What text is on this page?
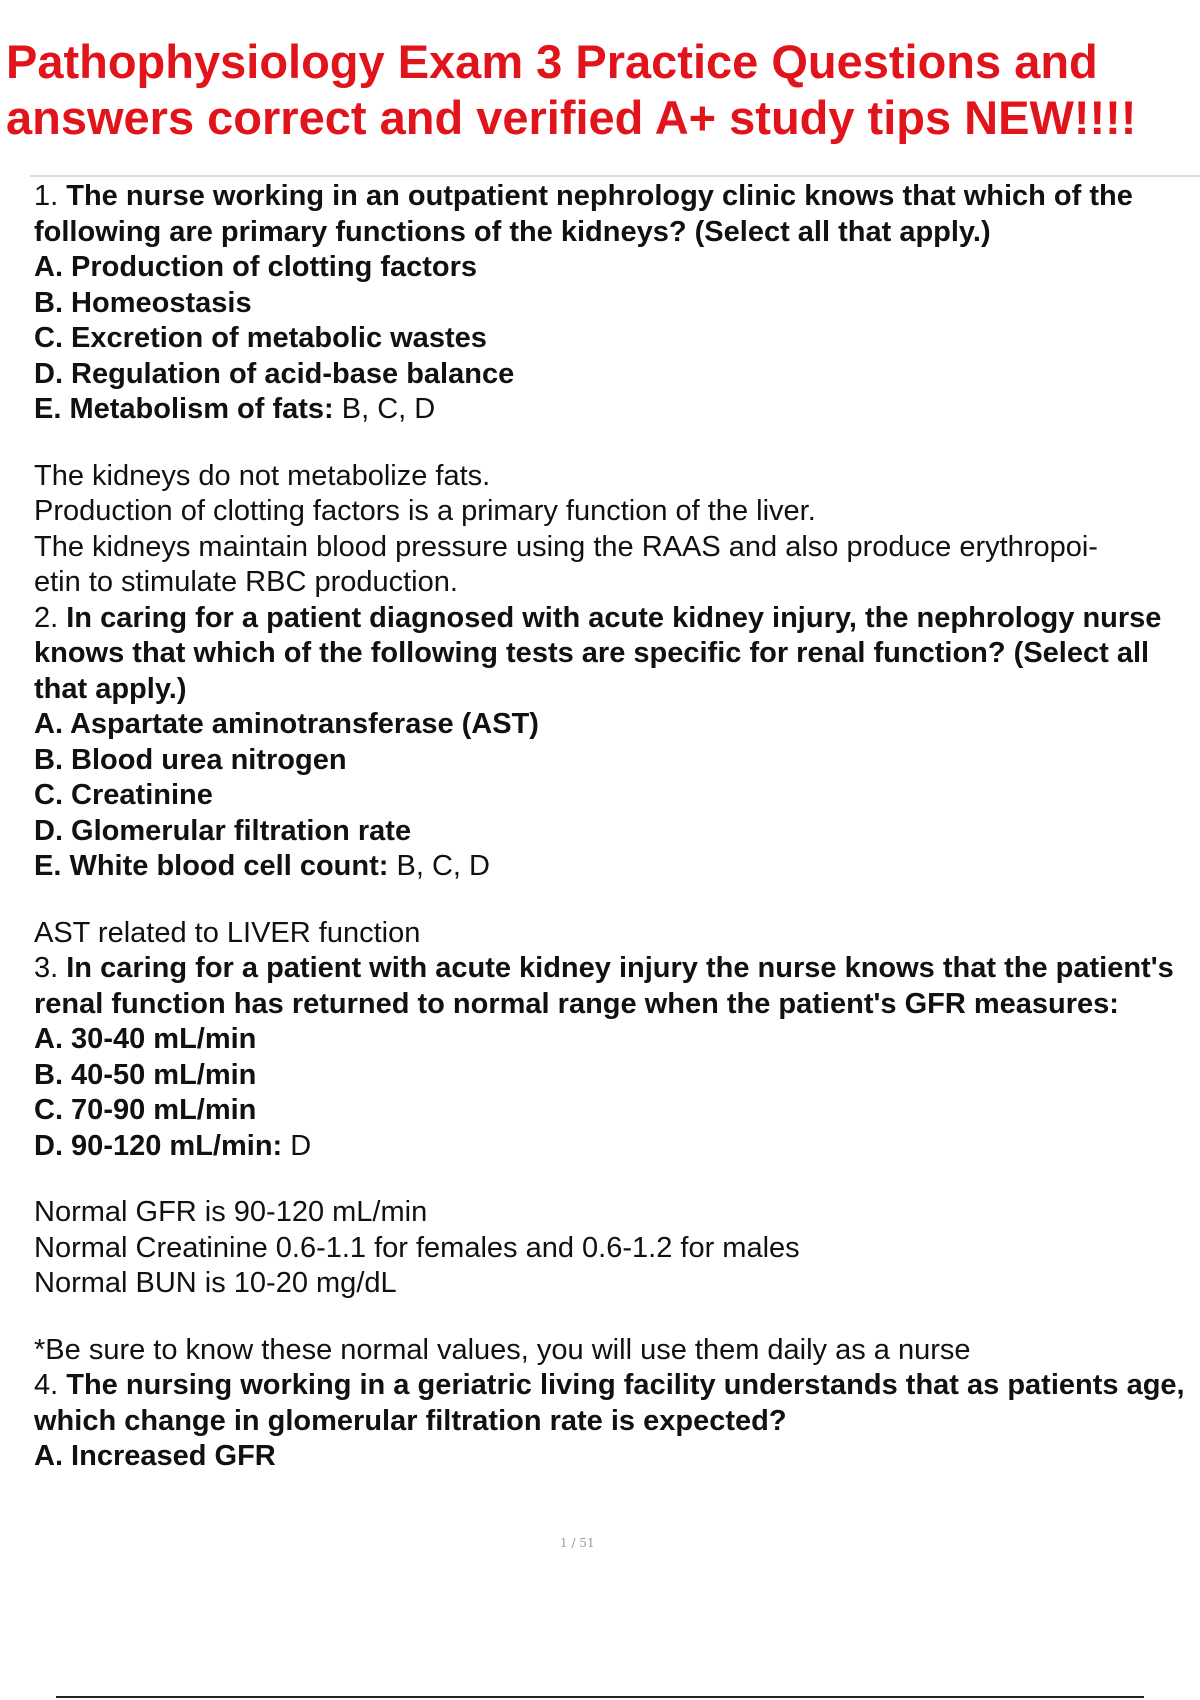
Pathophysiology Exam 3 Practice Questions and answers correct and verified A+ study tips NEW!!!!

1. The nurse working in an outpatient nephrology clinic knows that which of the following are primary functions of the kidneys? (Select all that apply.)

A. Production of clotting factors

B. Homeostasis

C. Excretion of metabolic wastes

D. Regulation of acid-base balance

E. Metabolism of fats: B, C, D

The kidneys do not metabolize fats.

Production of clotting factors is a primary function of the liver.

The kidneys maintain blood pressure using the RAAS and also produce erythropoi-

etin to stimulate RBC production.

2. In caring for a patient diagnosed with acute kidney injury, the nephrology nurse knows that which of the following tests are specific for renal function? (Select all that apply.)

A. Aspartate aminotransferase (AST)

B. Blood urea nitrogen

C. Creatinine

D. Glomerular filtration rate

E. White blood cell count: B, C, D

AST related to LIVER function

3. In caring for a patient with acute kidney injury the nurse knows that the patient's renal function has returned to normal range when the patient's GFR measures:

A. 30-40 mL/min

B. 40-50 mL/min

C. 70-90 mL/min

D. 90-120 mL/min: D

Normal GFR is 90-120 mL/min

Normal Creatinine 0.6-1.1 for females and 0.6-1.2 for males

Normal BUN is 10-20 mg/dL

*Be sure to know these normal values, you will use them daily as a nurse

4. The nursing working in a geriatric living facility understands that as patients age, which change in glomerular filtration rate is expected?

A. Increased GFR

1 / 51
